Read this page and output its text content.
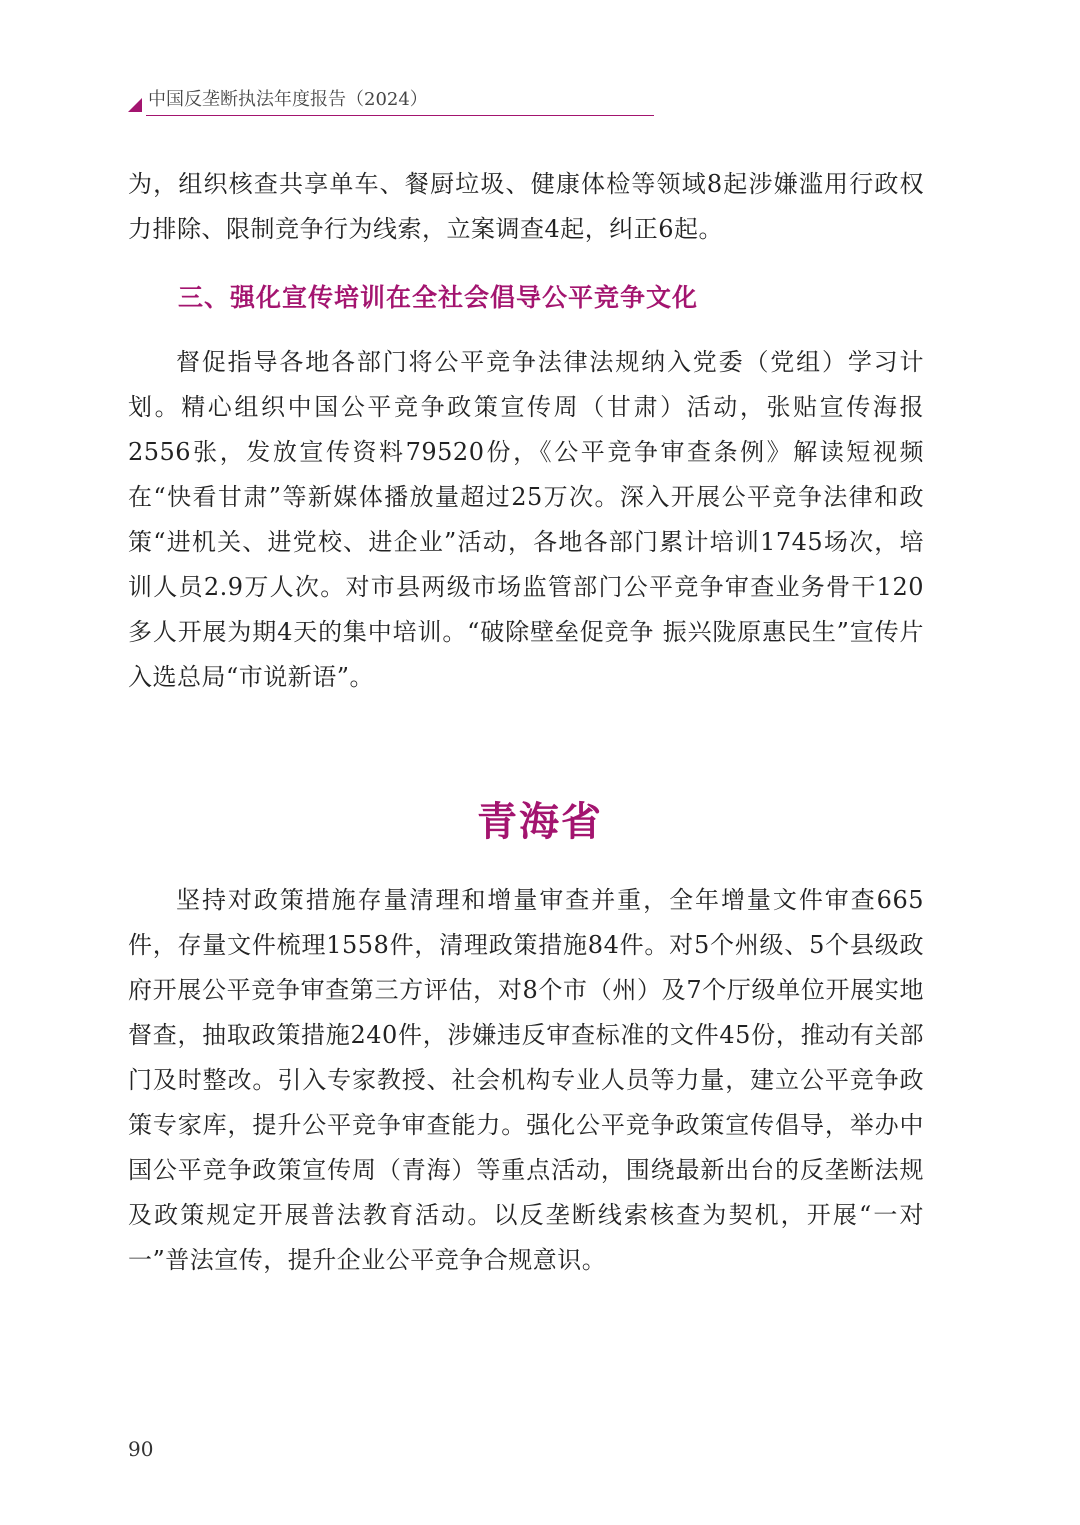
中国反垄断执法年度报告（2024）

为，组织核查共享单车、餐厨垃圾、健康体检等领域8起涉嫌滥用行政权力排除、限制竞争行为线索，立案调查4起，纠正6起。

三、强化宣传培训在全社会倡导公平竞争文化

督促指导各地各部门将公平竞争法律法规纳入党委（党组）学习计划。精心组织中国公平竞争政策宣传周（甘肃）活动，张贴宣传海报2556张，发放宣传资料79520份，《公平竞争审查条例》解读短视频在“快看甘肃”等新媒体播放量超过25万次。深入开展公平竞争法律和政策“进机关、进党校、进企业”活动，各地各部门累计培训1745场次，培训人员2.9万人次。对市县两级市场监管部门公平竞争审查业务骨干120多人开展为期4天的集中培训。“破除壁垒促竞争 振兴陇原惠民生”宣传片入选总局“市说新语”。

青海省

坚持对政策措施存量清理和增量审查并重，全年增量文件审查665件，存量文件梳理1558件，清理政策措施84件。对5个州级、5个县级政府开展公平竞争审查第三方评估，对8个市（州）及7个厅级单位开展实地督查，抽取政策措施240件，涉嫌违反审查标准的文件45份，推动有关部门及时整改。引入专家教授、社会机构专业人员等力量，建立公平竞争政策专家库，提升公平竞争审查能力。强化公平竞争政策宣传倡导，举办中国公平竞争政策宣传周（青海）等重点活动，围绕最新出台的反垄断法规及政策规定开展普法教育活动。以反垄断线索核查为契机，开展“一对一”普法宣传，提升企业公平竞争合规意识。

90
